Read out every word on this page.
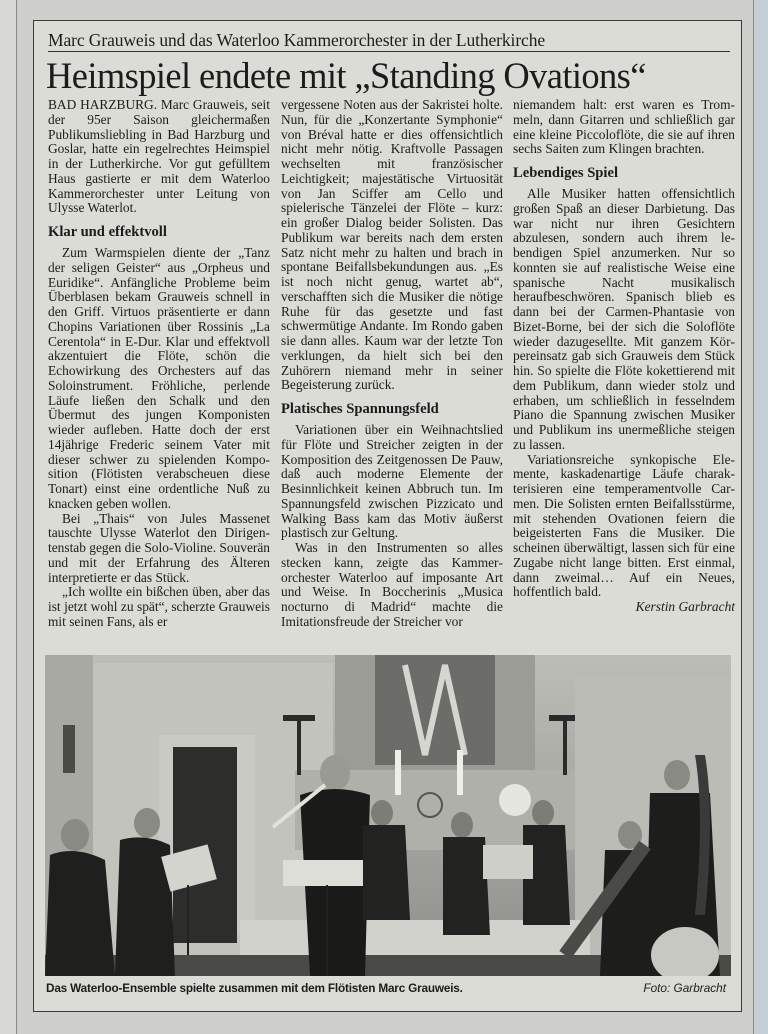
Marc Grauweis und das Waterloo Kammerorchester in der Lutherkirche
Heimspiel endete mit „Standing Ovations“

BAD HARZBURG. Marc Grauweis, seit der 95er Saison gleichermaßen Publikumsliebling in Bad Harzburg und Goslar, hatte ein regelrechtes Heimspiel in der Lutherkirche. Vor gut gefülltem Haus gastierte er mit dem Waterloo Kammerorchester unter Leitung von Ulysse Waterlot.

Klar und effektvoll

Zum Warmspielen diente der „Tanz der seligen Geister“ aus „Orpheus und Euridike“. Anfängliche Probleme beim Überblasen bekam Grauweis schnell in den Griff. Virtuos präsentierte er dann Chopins Variationen über Rossinis „La Cerentola“ in E-Dur. Klar und effektvoll akzentuiert die Flöte, schön die Echowirkung des Orchesters auf das Soloinstrument. Fröhliche, perlende Läufe ließen den Schalk und den Übermut des jungen Komponisten wieder aufleben. Hatte doch der erst 14jährige Frederic seinem Vater mit dieser schwer zu spielenden Komposition (Flötisten verabscheuen diese Tonart) einst eine ordentliche Nuß zu knacken geben wollen.

Bei „Thais“ von Jules Massenet tauschte Ulysse Waterlot den Dirigentenstab gegen die Solo-Violine. Souverän und mit der Erfahrung des Älteren interpretierte er das Stück.

„Ich wollte ein bißchen üben, aber das ist jetzt wohl zu spät“, scherzte Grauweis mit seinen Fans, als er

vergessene Noten aus der Sakristei holte. Nun, für die „Konzertante Symphonie“ von Bréval hatte er dies offensichtlich nicht mehr nötig. Kraftvolle Passagen wechselten mit französischer Leichtigkeit; majestätische Virtuosität von Jan Sciffer am Cello und spielerische Tänzelei der Flöte – kurz: ein großer Dialog beider Solisten. Das Publikum war bereits nach dem ersten Satz nicht mehr zu halten und brach in spontane Beifallsbekundungen aus. „Es ist noch nicht genug, wartet ab“, verschafften sich die Musiker die nötige Ruhe für das gesetzte und fast schwermütige Andante. Im Rondo gaben sie dann alles. Kaum war der letzte Ton verklungen, da hielt sich bei den Zuhörern niemand mehr in seiner Begeisterung zurück.

Platisches Spannungsfeld

Variationen über ein Weihnachtslied für Flöte und Streicher zeigten in der Komposition des Zeitgenossen De Pauw, daß auch moderne Elemente der Besinnlichkeit keinen Abbruch tun. Im Spannungsfeld zwischen Pizzicato und Walking Bass kam das Motiv äußerst plastisch zur Geltung.

Was in den Instrumenten so alles stecken kann, zeigte das Kammerorchester Waterloo auf imposante Art und Weise. In Boccherinis „Musica nocturno di Madrid“ machte die Imitationsfreude der Streicher vor

niemandem halt: erst waren es Trommeln, dann Gitarren und schließlich gar eine kleine Piccoloflöte, die sie auf ihren sechs Saiten zum Klingen brachten.

Lebendiges Spiel

Alle Musiker hatten offensichtlich großen Spaß an dieser Darbietung. Das war nicht nur ihren Gesichtern abzulesen, sondern auch ihrem lebendigen Spiel anzumerken. Nur so konnten sie auf realistische Weise eine spanische Nacht musikalisch heraufbeschwören. Spanisch blieb es dann bei der Carmen-Phantasie von Bizet-Borne, bei der sich die Soloflöte wieder dazugesellte. Mit ganzem Körpereinsatz gab sich Grauweis dem Stück hin. So spielte die Flöte kokettierend mit dem Publikum, dann wieder stolz und erhaben, um schließlich in fesselndem Piano die Spannung zwischen Musiker und Publikum ins unermeßliche steigen zu lassen.

Variationsreiche synkopische Elemente, kaskadenartige Läufe charakterisieren eine temperamentvolle Carmen. Die Solisten ernten Beifallsstürme, mit stehenden Ovationen feiern die beigeisterten Fans die Musiker. Die scheinen überwältigt, lassen sich für eine Zugabe nicht lange bitten. Erst einmal, dann zweimal… Auf ein Neues, hoffentlich bald.

Kerstin Garbracht

Das Waterloo-Ensemble spielte zusammen mit dem Flötisten Marc Grauweis.	Foto: Garbracht
